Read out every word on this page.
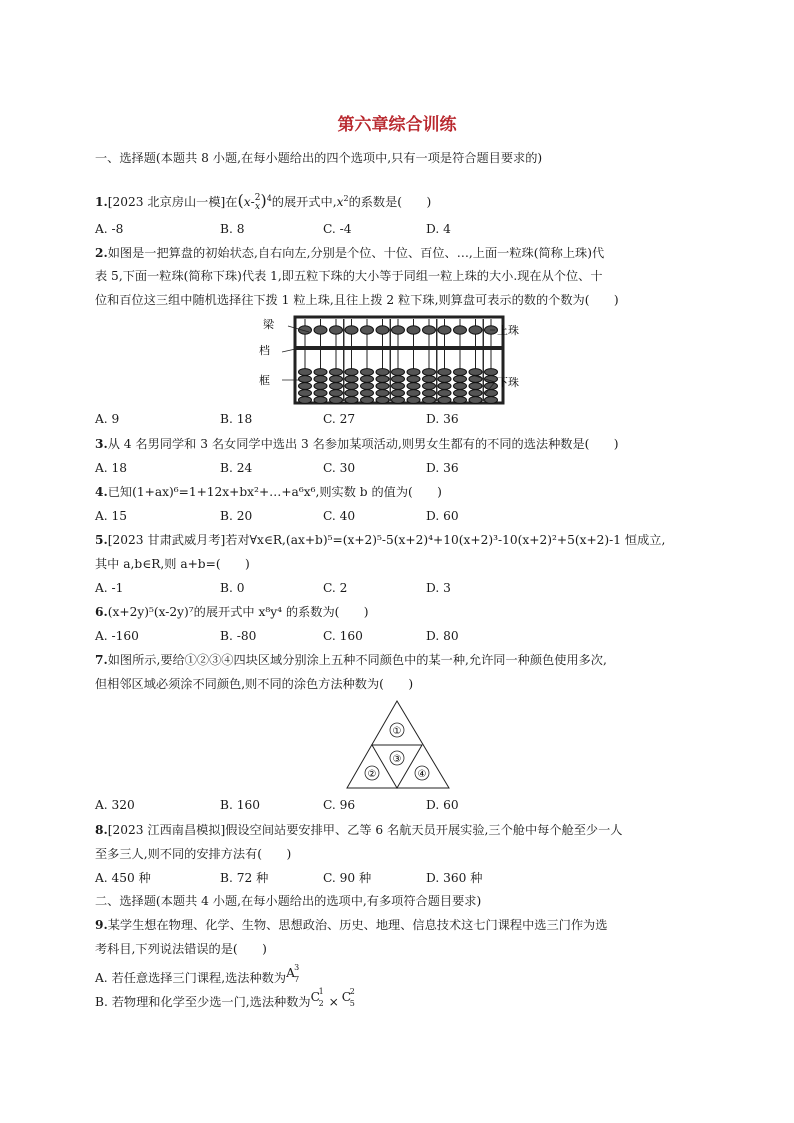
第六章综合训练
一、选择题(本题共 8 小题,在每小题给出的四个选项中,只有一项是符合题目要求的)
1.[2023 北京房山一模]在(x-2
x)$^4$的展开式中$,x^2$的系数是(　　)
A. -8	B. 8	C. -4	D. 4
2.如图是一把算盘的初始状态,自右向左,分别是个位、十位、百位、…,上面一粒珠(简称上珠)代
表 5,下面一粒珠(简称下珠)代表 1,即五粒下珠的大小等于同组一粒上珠的大小.现在从个位、十
位和百位这三组中随机选择往下拨 1 粒上珠,且往上拨 2 粒下珠,则算盘可表示的数的个数为(　　)
梁
档
框
上珠
下珠
A. 9	B. 18	C. 27	D. 36
3.从 4 名男同学和 3 名女同学中选出 3 名参加某项活动,则男女生都有的不同的选法种数是(　　)
A. 18	B. 24	C. 30	D. 36
4.已知(1+ax)⁶=1+12x+bx²+…+a⁶x⁶,则实数 b 的值为(　　)
A. 15	B. 20	C. 40	D. 60
5.[2023 甘肃武威月考]若对∀x∈R,(ax+b)⁵=(x+2)⁵-5(x+2)⁴+10(x+2)³-10(x+2)²+5(x+2)-1 恒成立,
其中 a,b∈R,则 a+b=(　　)
A. -1	B. 0	C. 2	D. 3
6.(x+2y)⁵(x-2y)⁷的展开式中 x⁸y⁴ 的系数为(　　)
A. -160	B. -80	C. 160	D. 80
7.如图所示,要给①②③④四块区域分别涂上五种不同颜色中的某一种,允许同一种颜色使用多次,
但相邻区域必须涂不同颜色,则不同的涂色方法种数为(　　)
①
③
②	④
A. 320	B. 160	C. 96	D. 60
8.[2023 江西南昌模拟]假设空间站要安排甲、乙等 6 名航天员开展实验,三个舱中每个舱至少一人
至多三人,则不同的安排方法有(　　)
A. 450 种	B. 72 种	C. 90 种	D. 360 种
二、选择题(本题共 4 小题,在每小题给出的选项中,有多项符合题目要求)
9.某学生想在物理、化学、生物、思想政治、历史、地理、信息技术这七门课程中选三门作为选
考科目,下列说法错误的是(　　)
A. 若任意选择三门课程,选法种数为 A 3
7
B. 若物理和化学至少选一门,选法种数为 C
1
2 × C
2
5
